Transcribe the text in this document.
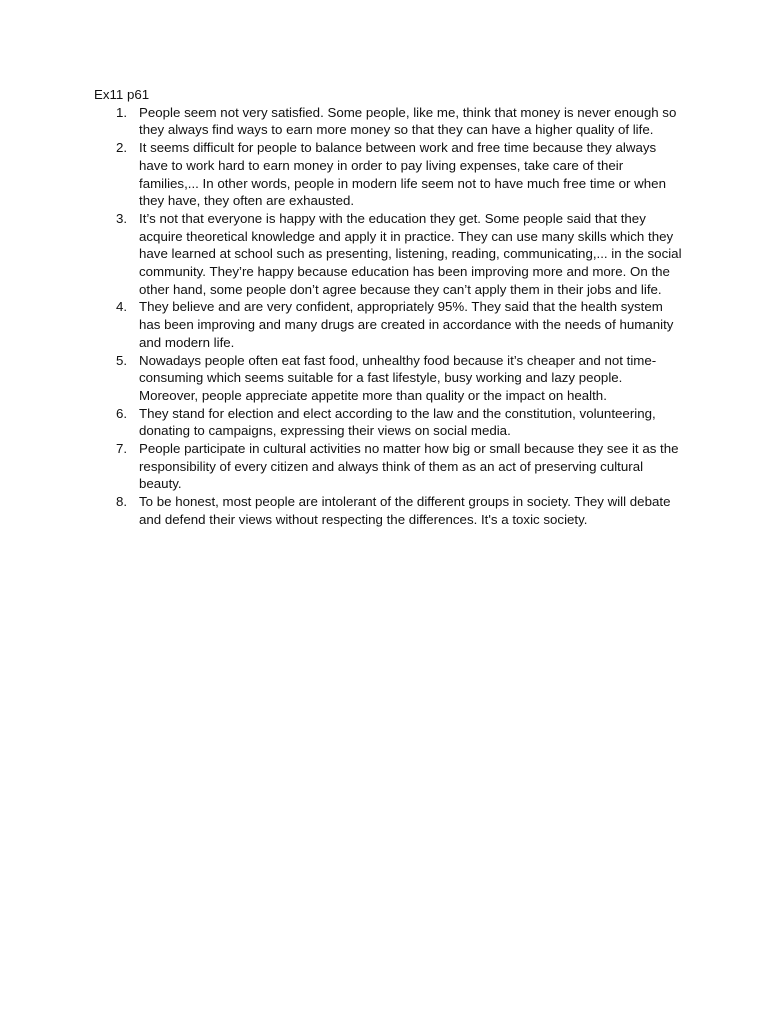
Ex11 p61
1. People seem not very satisfied. Some people, like me, think that money is never enough so they always find ways to earn more money so that they can have a higher quality of life.
2. It seems difficult for people to balance between work and free time because they always have to work hard to earn money in order to pay living expenses, take care of their families,... In other words, people in modern life seem not to have much free time or when they have, they often are exhausted.
3. It’s not that everyone is happy with the education they get. Some people said that they acquire theoretical knowledge and apply it in practice. They can use many skills which they have learned at school such as presenting, listening, reading, communicating,... in the social community. They’re happy because education has been improving more and more. On the other hand, some people don’t agree because they can’t apply them in their jobs and life.
4. They believe and are very confident, appropriately 95%. They said that the health system has been improving and many drugs are created in accordance with the needs of humanity and modern life.
5. Nowadays people often eat fast food, unhealthy food because it’s cheaper and not time-consuming which seems suitable for a fast lifestyle, busy working and lazy people. Moreover, people appreciate appetite more than quality or the impact on health.
6. They stand for election and elect according to the law and the constitution, volunteering, donating to campaigns, expressing their views on social media.
7. People participate in cultural activities no matter how big or small because they see it as the responsibility of every citizen and always think of them as an act of preserving cultural beauty.
8. To be honest, most people are intolerant of the different groups in society. They will debate and defend their views without respecting the differences. It's a toxic society.
